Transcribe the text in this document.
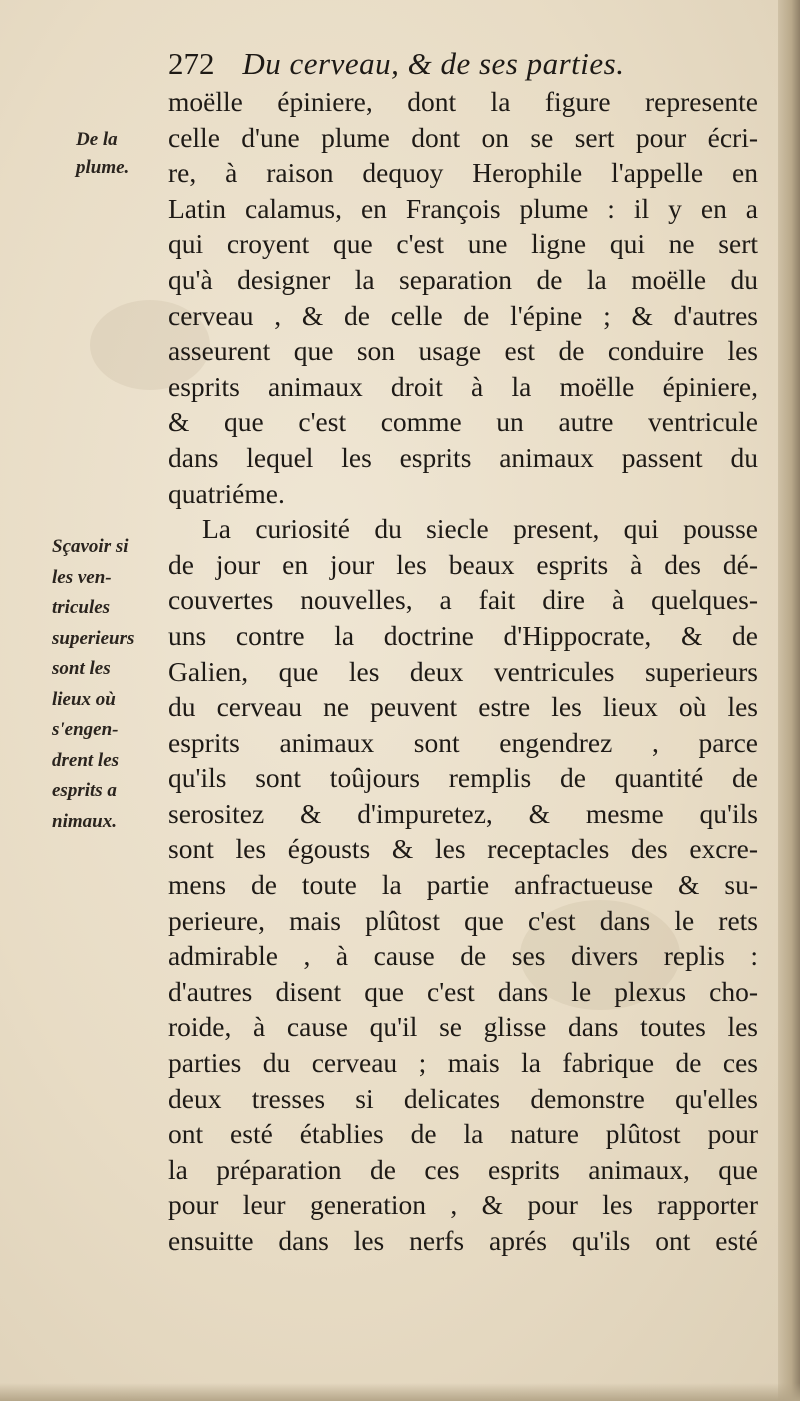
272 Du cerveau, & de ses parties.
De la
plume.
Sçavoir si
les ven-
tricules
superieurs
sont les
lieux où
s'engen-
drent les
esprits a
nimaux.
moëlle épiniere, dont la figure represente
celle d'une plume dont on se sert pour écri-
re, à raison dequoy Herophile l'appelle en
Latin calamus, en François plume : il y en a
qui croyent que c'est une ligne qui ne sert
qu'à designer la separation de la moëlle du
cerveau , & de celle de l'épine ; & d'autres
asseurent que son usage est de conduire les
esprits animaux droit à la moëlle épiniere,
& que c'est comme un autre ventricule
dans lequel les esprits animaux passent du
quatriéme.
La curiosité du siecle present, qui pousse
de jour en jour les beaux esprits à des dé-
couvertes nouvelles, a fait dire à quelques-
uns contre la doctrine d'Hippocrate, & de
Galien, que les deux ventricules superieurs
du cerveau ne peuvent estre les lieux où les
esprits animaux sont engendrez , parce
qu'ils sont toûjours remplis de quantité de
serositez & d'impuretez, & mesme qu'ils
sont les égousts & les receptacles des excre-
mens de toute la partie anfractueuse & su-
perieure, mais plûtost que c'est dans le rets
admirable , à cause de ses divers replis :
d'autres disent que c'est dans le plexus cho-
roide, à cause qu'il se glisse dans toutes les
parties du cerveau ; mais la fabrique de ces
deux tresses si delicates demonstre qu'elles
ont esté établies de la nature plûtost pour
la préparation de ces esprits animaux, que
pour leur generation , & pour les rapporter
ensuitte dans les nerfs aprés qu'ils ont esté
